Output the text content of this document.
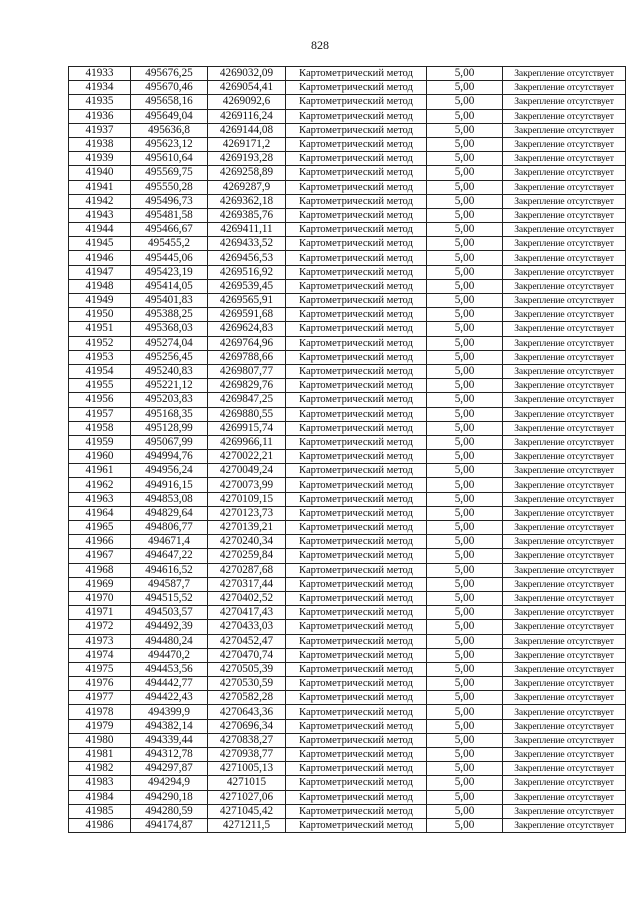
828
41933	495676,25	4269032,09	Картометрический метод	5,00	Закрепление отсутствует
41934	495670,46	4269054,41	Картометрический метод	5,00	Закрепление отсутствует
41935	495658,16	4269092,6	Картометрический метод	5,00	Закрепление отсутствует
41936	495649,04	4269116,24	Картометрический метод	5,00	Закрепление отсутствует
41937	495636,8	4269144,08	Картометрический метод	5,00	Закрепление отсутствует
41938	495623,12	4269171,2	Картометрический метод	5,00	Закрепление отсутствует
41939	495610,64	4269193,28	Картометрический метод	5,00	Закрепление отсутствует
41940	495569,75	4269258,89	Картометрический метод	5,00	Закрепление отсутствует
41941	495550,28	4269287,9	Картометрический метод	5,00	Закрепление отсутствует
41942	495496,73	4269362,18	Картометрический метод	5,00	Закрепление отсутствует
41943	495481,58	4269385,76	Картометрический метод	5,00	Закрепление отсутствует
41944	495466,67	4269411,11	Картометрический метод	5,00	Закрепление отсутствует
41945	495455,2	4269433,52	Картометрический метод	5,00	Закрепление отсутствует
41946	495445,06	4269456,53	Картометрический метод	5,00	Закрепление отсутствует
41947	495423,19	4269516,92	Картометрический метод	5,00	Закрепление отсутствует
41948	495414,05	4269539,45	Картометрический метод	5,00	Закрепление отсутствует
41949	495401,83	4269565,91	Картометрический метод	5,00	Закрепление отсутствует
41950	495388,25	4269591,68	Картометрический метод	5,00	Закрепление отсутствует
41951	495368,03	4269624,83	Картометрический метод	5,00	Закрепление отсутствует
41952	495274,04	4269764,96	Картометрический метод	5,00	Закрепление отсутствует
41953	495256,45	4269788,66	Картометрический метод	5,00	Закрепление отсутствует
41954	495240,83	4269807,77	Картометрический метод	5,00	Закрепление отсутствует
41955	495221,12	4269829,76	Картометрический метод	5,00	Закрепление отсутствует
41956	495203,83	4269847,25	Картометрический метод	5,00	Закрепление отсутствует
41957	495168,35	4269880,55	Картометрический метод	5,00	Закрепление отсутствует
41958	495128,99	4269915,74	Картометрический метод	5,00	Закрепление отсутствует
41959	495067,99	4269966,11	Картометрический метод	5,00	Закрепление отсутствует
41960	494994,76	4270022,21	Картометрический метод	5,00	Закрепление отсутствует
41961	494956,24	4270049,24	Картометрический метод	5,00	Закрепление отсутствует
41962	494916,15	4270073,99	Картометрический метод	5,00	Закрепление отсутствует
41963	494853,08	4270109,15	Картометрический метод	5,00	Закрепление отсутствует
41964	494829,64	4270123,73	Картометрический метод	5,00	Закрепление отсутствует
41965	494806,77	4270139,21	Картометрический метод	5,00	Закрепление отсутствует
41966	494671,4	4270240,34	Картометрический метод	5,00	Закрепление отсутствует
41967	494647,22	4270259,84	Картометрический метод	5,00	Закрепление отсутствует
41968	494616,52	4270287,68	Картометрический метод	5,00	Закрепление отсутствует
41969	494587,7	4270317,44	Картометрический метод	5,00	Закрепление отсутствует
41970	494515,52	4270402,52	Картометрический метод	5,00	Закрепление отсутствует
41971	494503,57	4270417,43	Картометрический метод	5,00	Закрепление отсутствует
41972	494492,39	4270433,03	Картометрический метод	5,00	Закрепление отсутствует
41973	494480,24	4270452,47	Картометрический метод	5,00	Закрепление отсутствует
41974	494470,2	4270470,74	Картометрический метод	5,00	Закрепление отсутствует
41975	494453,56	4270505,39	Картометрический метод	5,00	Закрепление отсутствует
41976	494442,77	4270530,59	Картометрический метод	5,00	Закрепление отсутствует
41977	494422,43	4270582,28	Картометрический метод	5,00	Закрепление отсутствует
41978	494399,9	4270643,36	Картометрический метод	5,00	Закрепление отсутствует
41979	494382,14	4270696,34	Картометрический метод	5,00	Закрепление отсутствует
41980	494339,44	4270838,27	Картометрический метод	5,00	Закрепление отсутствует
41981	494312,78	4270938,77	Картометрический метод	5,00	Закрепление отсутствует
41982	494297,87	4271005,13	Картометрический метод	5,00	Закрепление отсутствует
41983	494294,9	4271015	Картометрический метод	5,00	Закрепление отсутствует
41984	494290,18	4271027,06	Картометрический метод	5,00	Закрепление отсутствует
41985	494280,59	4271045,42	Картометрический метод	5,00	Закрепление отсутствует
41986	494174,87	4271211,5	Картометрический метод	5,00	Закрепление отсутствует
